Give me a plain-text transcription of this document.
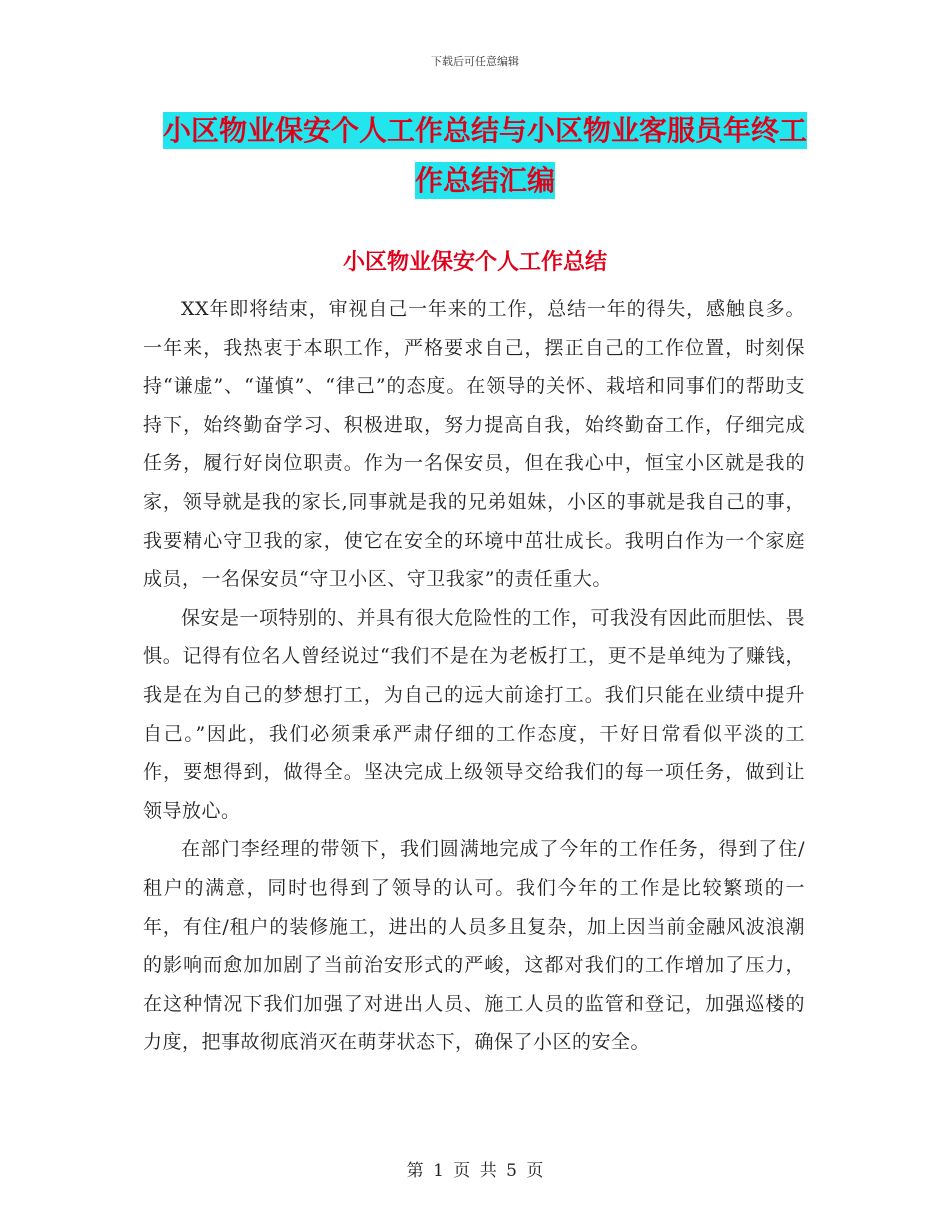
下载后可任意编辑
小区物业保安个人工作总结与小区物业客服员年终工
作总结汇编
小区物业保安个人工作总结

XX年即将结束，审视自己一年来的工作，总结一年的得失，感触良多。一年来，我热衷于本职工作，严格要求自己，摆正自己的工作位置，时刻保持“谦虚”、“谨慎”、“律己”的态度。在领导的关怀、栽培和同事们的帮助支持下，始终勤奋学习、积极进取，努力提高自我，始终勤奋工作，仔细完成任务，履行好岗位职责。作为一名保安员，但在我心中，恒宝小区就是我的家，领导就是我的家长,同事就是我的兄弟姐妹，小区的事就是我自己的事，我要精心守卫我的家，使它在安全的环境中茁壮成长。我明白作为一个家庭成员，一名保安员“守卫小区、守卫我家”的责任重大。

保安是一项特别的、并具有很大危险性的工作，可我没有因此而胆怯、畏惧。记得有位名人曾经说过“我们不是在为老板打工，更不是单纯为了赚钱，我是在为自己的梦想打工，为自己的远大前途打工。我们只能在业绩中提升自己。”因此，我们必须秉承严肃仔细的工作态度，干好日常看似平淡的工作，要想得到，做得全。坚决完成上级领导交给我们的每一项任务，做到让领导放心。

在部门李经理的带领下，我们圆满地完成了今年的工作任务，得到了住/租户的满意，同时也得到了领导的认可。我们今年的工作是比较繁琐的一年，有住/租户的装修施工，进出的人员多且复杂，加上因当前金融风波浪潮的影响而愈加加剧了当前治安形式的严峻，这都对我们的工作增加了压力，在这种情况下我们加强了对进出人员、施工人员的监管和登记，加强巡楼的力度，把事故彻底消灭在萌芽状态下，确保了小区的安全。

第 1 页 共 5 页
